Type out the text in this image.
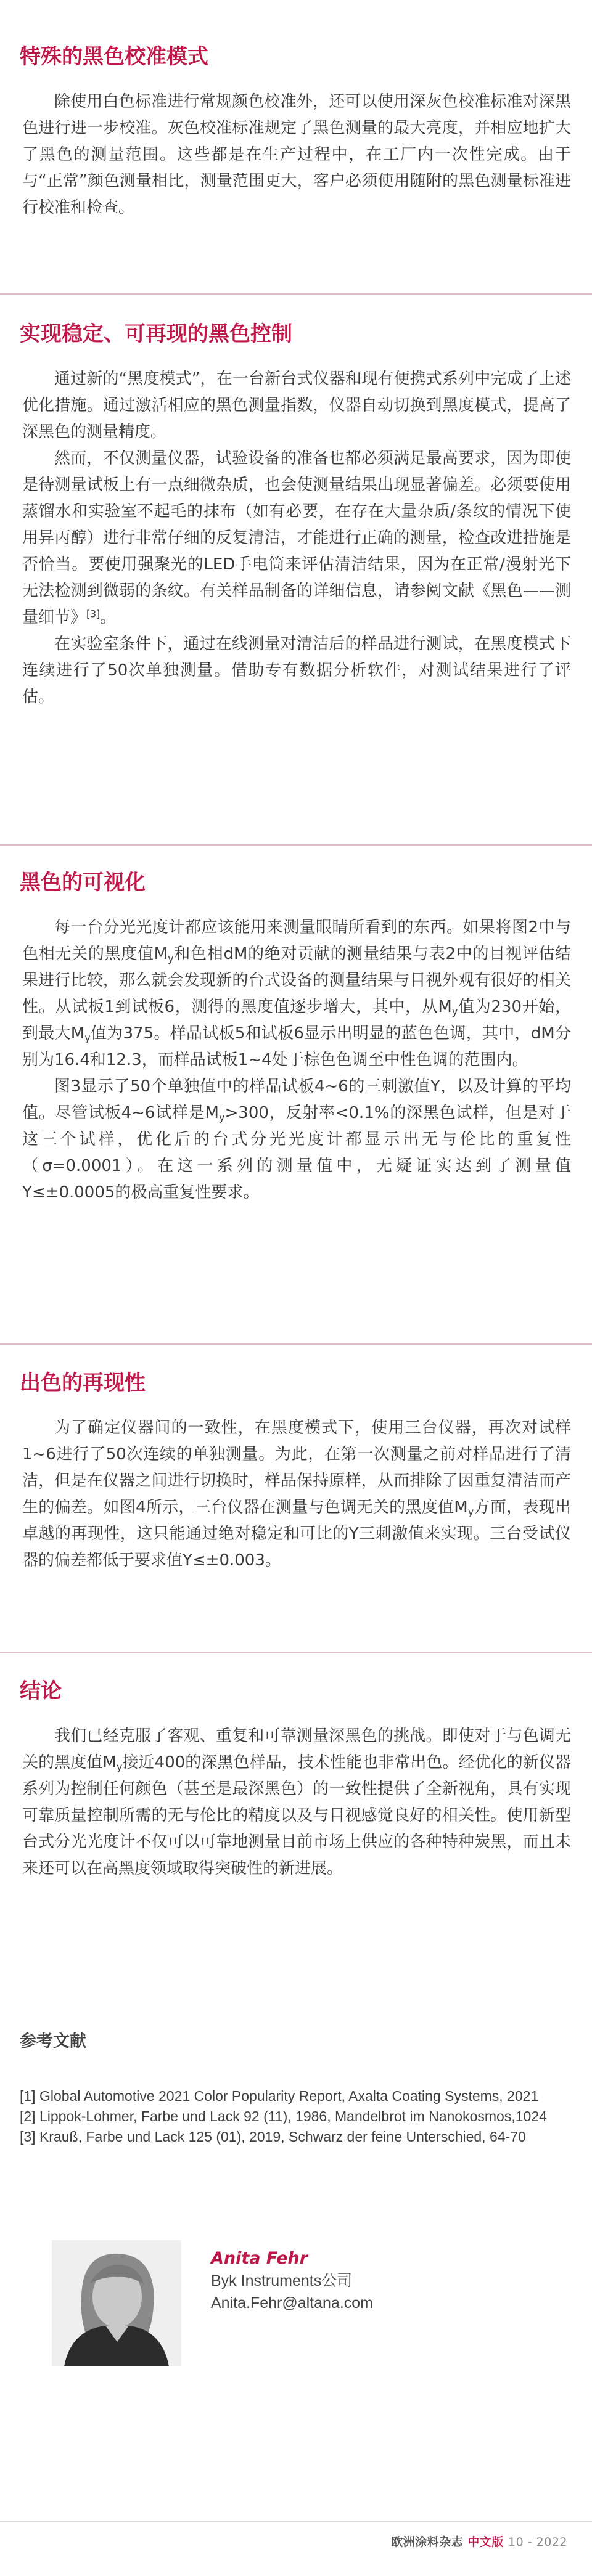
特殊的黑色校准模式

除使用白色标准进行常规颜色校准外，还可以使用深灰色校准标准对深黑色进行进一步校准。灰色校准标准规定了黑色测量的最大亮度，并相应地扩大了黑色的测量范围。这些都是在生产过程中，在工厂内一次性完成。由于与“正常”颜色测量相比，测量范围更大，客户必须使用随附的黑色测量标准进行校准和检查。

实现稳定、可再现的黑色控制

通过新的“黑度模式”，在一台新台式仪器和现有便携式系列中完成了上述优化措施。通过激活相应的黑色测量指数，仪器自动切换到黑度模式，提高了深黑色的测量精度。

然而，不仅测量仪器，试验设备的准备也都必须满足最高要求，因为即使是待测量试板上有一点细微杂质，也会使测量结果出现显著偏差。必须要使用蒸馏水和实验室不起毛的抹布（如有必要，在存在大量杂质/条纹的情况下使用异丙醇）进行非常仔细的反复清洁，才能进行正确的测量，检查改进措施是否恰当。要使用强聚光的LED手电筒来评估清洁结果，因为在正常/漫射光下无法检测到微弱的条纹。有关样品制备的详细信息，请参阅文献《黑色——测量细节》[3]。

在实验室条件下，通过在线测量对清洁后的样品进行测试，在黑度模式下连续进行了50次单独测量。借助专有数据分析软件，对测试结果进行了评估。

黑色的可视化

每一台分光光度计都应该能用来测量眼睛所看到的东西。如果将图2中与色相无关的黑度值$M_y$和色相dM的绝对贡献的测量结果与表2中的目视评估结果进行比较，那么就会发现新的台式设备的测量结果与目视外观有很好的相关性。从试板1到试板6，测得的黑度值逐步增大，其中，从$M_y$值为230开始，到最大$M_y$值为375。样品试板5和试板6显示出明显的蓝色色调，其中，dM分别为16.4和12.3，而样品试板1~4处于棕色色调至中性色调的范围内。

图3显示了50个单独值中的样品试板4~6的三刺激值Y，以及计算的平均值。尽管试板4~6试样是$M_y>300$，反射率<0.1%的深黑色试样，但是对于这三个试样，优化后的台式分光光度计都显示出无与伦比的重复性（σ=0.0001）。在这一系列的测量值中，无疑证实达到了测量值Y≤±0.0005的极高重复性要求。

出色的再现性

为了确定仪器间的一致性，在黑度模式下，使用三台仪器，再次对试样1~6进行了50次连续的单独测量。为此，在第一次测量之前对样品进行了清洁，但是在仪器之间进行切换时，样品保持原样，从而排除了因重复清洁而产生的偏差。如图4所示，三台仪器在测量与色调无关的黑度值$M_y$方面，表现出卓越的再现性，这只能通过绝对稳定和可比的Y三刺激值来实现。三台受试仪器的偏差都低于要求值Y≤±0.003。

结论

我们已经克服了客观、重复和可靠测量深黑色的挑战。即使对于与色调无关的黑度值$M_y$接近400的深黑色样品，技术性能也非常出色。经优化的新仪器系列为控制任何颜色（甚至是最深黑色）的一致性提供了全新视角，具有实现可靠质量控制所需的无与伦比的精度以及与目视感觉良好的相关性。使用新型台式分光光度计不仅可以可靠地测量目前市场上供应的各种特种炭黑，而且未来还可以在高黑度领域取得突破性的新进展。

参考文献
[1] Global Automotive 2021 Color Popularity Report, Axalta Coating Systems, 2021
[2] Lippok-Lohmer, Farbe und Lack 92 (11), 1986, Mandelbrot im Nanokosmos,1024
[3] Krauß, Farbe und Lack 125 (01), 2019, Schwarz der feine Unterschied, 64-70
Anita Fehr
Byk Instruments公司
Anita.Fehr@altana.com
欧洲涂料杂志 中文版 10 - 2022
